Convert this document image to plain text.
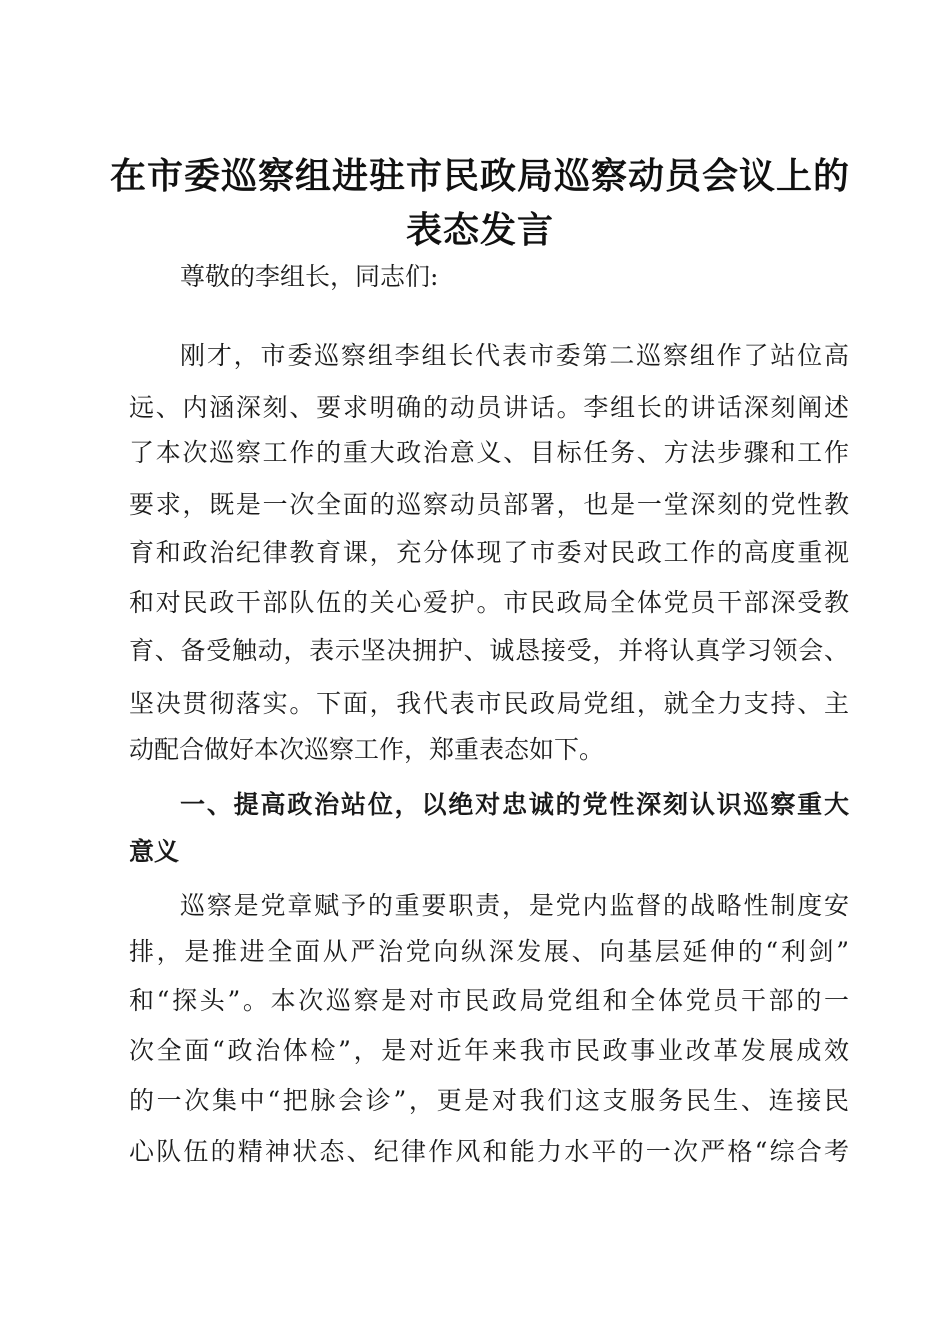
在市委巡察组进驻市民政局巡察动员会议上的
表态发言
尊敬的李组长，同志们:
刚才，市委巡察组李组长代表市委第二巡察组作了站位高
远、内涵深刻、要求明确的动员讲话。李组长的讲话深刻阐述
了本次巡察工作的重大政治意义、目标任务、方法步骤和工作
要求，既是一次全面的巡察动员部署，也是一堂深刻的党性教
育和政治纪律教育课，充分体现了市委对民政工作的高度重视
和对民政干部队伍的关心爱护。市民政局全体党员干部深受教
育、备受触动，表示坚决拥护、诚恳接受，并将认真学习领会、
坚决贯彻落实。下面，我代表市民政局党组，就全力支持、主
动配合做好本次巡察工作，郑重表态如下。
一、提高政治站位，以绝对忠诚的党性深刻认识巡察重大
意义
巡察是党章赋予的重要职责，是党内监督的战略性制度安
排，是推进全面从严治党向纵深发展、向基层延伸的“利剑”
和“探头”。本次巡察是对市民政局党组和全体党员干部的一
次全面“政治体检”，是对近年来我市民政事业改革发展成效
的一次集中“把脉会诊”，更是对我们这支服务民生、连接民
心队伍的精神状态、纪律作风和能力水平的一次严格“综合考
